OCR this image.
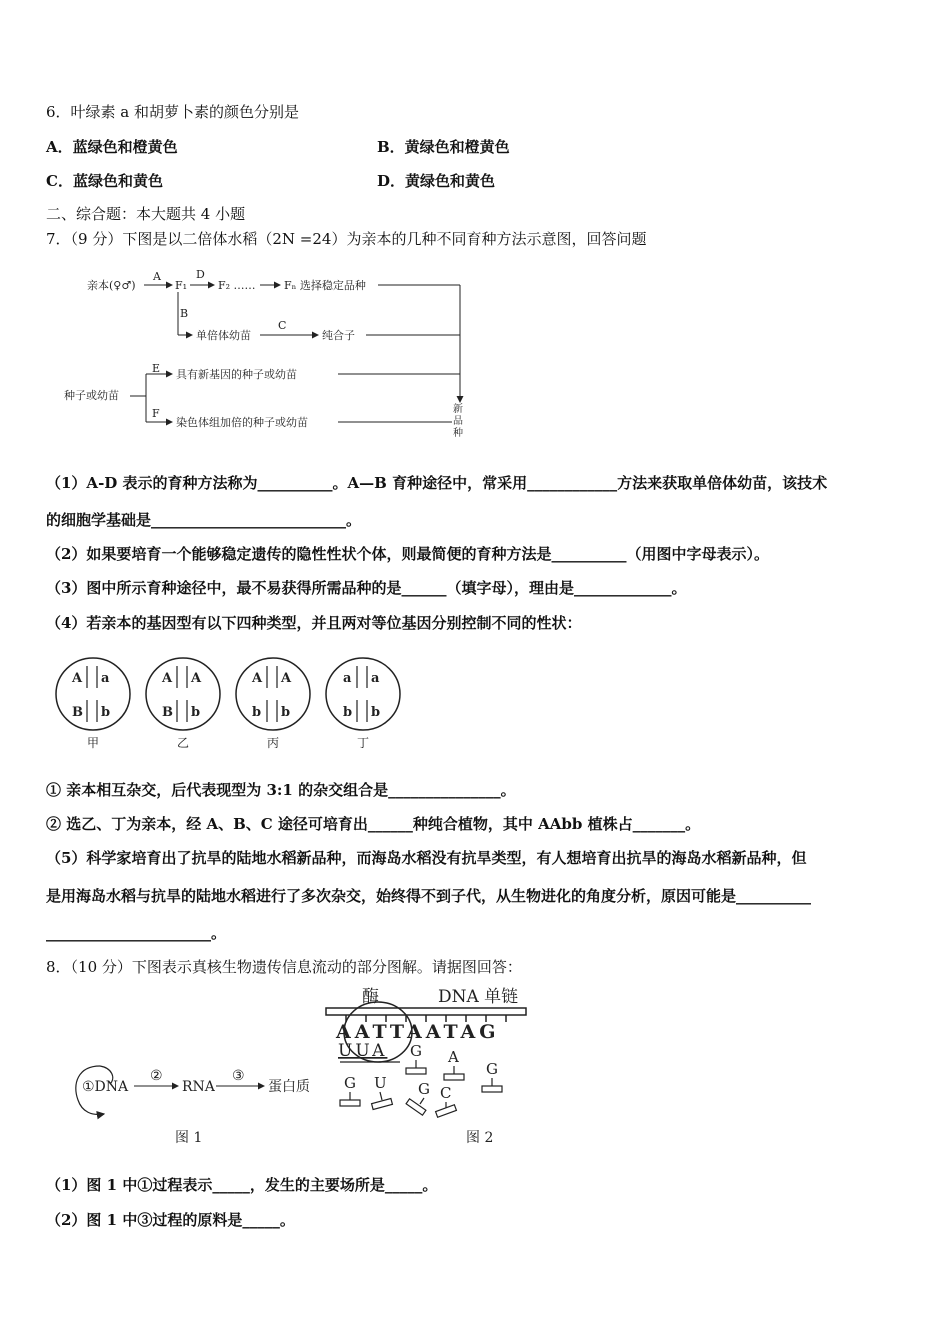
6．叶绿素 a 和胡萝卜素的颜色分别是
A．蓝绿色和橙黄色	B．黄绿色和橙黄色
C．蓝绿色和黄色	D．黄绿色和黄色
二、综合题：本大题共 4 小题
7．（9 分）下图是以二倍体水稻（2N =24）为亲本的几种不同育种方法示意图，回答问题
亲本(♀♂)
A
F₁
D
F₂ ……	Fₙ 选择稳定品种
B
单倍体幼苗
C
纯合子
种子或幼苗
E 具有新基因的种子或幼苗
F
染色体组加倍的种子或幼苗
新
品
种
（1）A-D 表示的育种方法称为__________。A—B 育种途径中，常采用____________方法来获取单倍体幼苗，该技术
的细胞学基础是__________________________。
（2）如果要培育一个能够稳定遗传的隐性性状个体，则最简便的育种方法是__________（用图中字母表示）。
（3）图中所示育种途径中，最不易获得所需品种的是______（填字母），理由是_____________。
（4）若亲本的基因型有以下四种类型，并且两对等位基因分别控制不同的性状：
A a
B b
A A
B b
A A
b b
a a
b b
甲	乙	丙	丁
① 亲本相互杂交，后代表现型为 3:1 的杂交组合是_______________。
② 选乙、丁为亲本，经 A、B、C 途径可培育出______种纯合植物，其中 AAbb 植株占_______。
（5）科学家培育出了抗旱的陆地水稻新品种，而海岛水稻没有抗旱类型，有人想培育出抗旱的海岛水稻新品种，但
是用海岛水稻与抗旱的陆地水稻进行了多次杂交，始终得不到子代，从生物进化的角度分析，原因可能是__________
______________________。
8．（10 分）下图表示真核生物遗传信息流动的部分图解。请据图回答：
①DNA
②
RNA
③
蛋白质
图 1
酶	DNA 单链
AATTAATAG
UUA G A
G
G U G C
图 2
（1）图 1 中①过程表示_____，发生的主要场所是_____。
（2）图 1 中③过程的原料是_____。
